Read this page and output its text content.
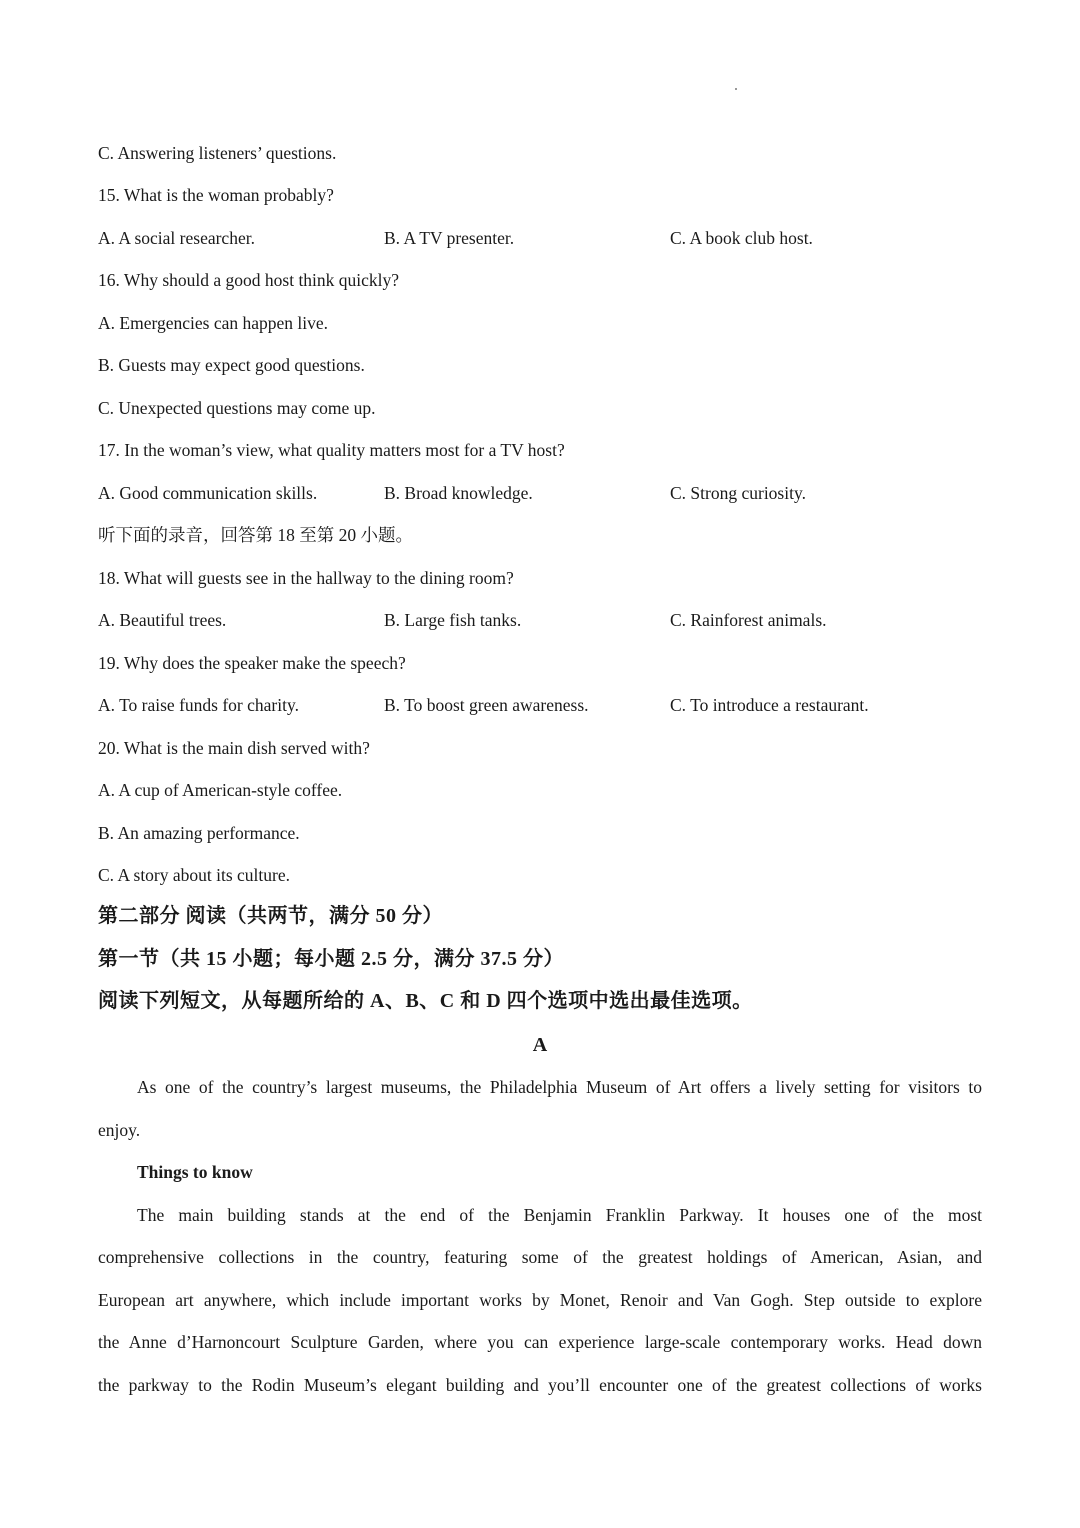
C. Answering listeners’ questions.
15. What is the woman probably?
A. A social researcher.	B. A TV presenter.	C. A book club host.
16. Why should a good host think quickly?
A. Emergencies can happen live.
B. Guests may expect good questions.
C. Unexpected questions may come up.
17. In the woman’s view, what quality matters most for a TV host?
A. Good communication skills.	B. Broad knowledge.	C. Strong curiosity.
听下面的录音，回答第 18 至第 20 小题。
18. What will guests see in the hallway to the dining room?
A. Beautiful trees.	B. Large fish tanks.	C. Rainforest animals.
19. Why does the speaker make the speech?
A. To raise funds for charity.	B. To boost green awareness.	C. To introduce a restaurant.
20. What is the main dish served with?
A. A cup of American-style coffee.
B. An amazing performance.
C. A story about its culture.
第二部分 阅读（共两节，满分 50 分）
第一节（共 15 小题；每小题 2.5 分，满分 37.5 分）
阅读下列短文，从每题所给的 A、B、C 和 D 四个选项中选出最佳选项。
A
As one of the country’s largest museums, the Philadelphia Museum of Art offers a lively setting for visitors to
enjoy.
Things to know
The main building stands at the end of the Benjamin Franklin Parkway. It houses one of the most
comprehensive collections in the country, featuring some of the greatest holdings of American, Asian, and
European art anywhere, which include important works by Monet, Renoir and Van Gogh. Step outside to explore
the Anne d’Harnoncourt Sculpture Garden, where you can experience large-scale contemporary works. Head down
the parkway to the Rodin Museum’s elegant building and you’ll encounter one of the greatest collections of works
